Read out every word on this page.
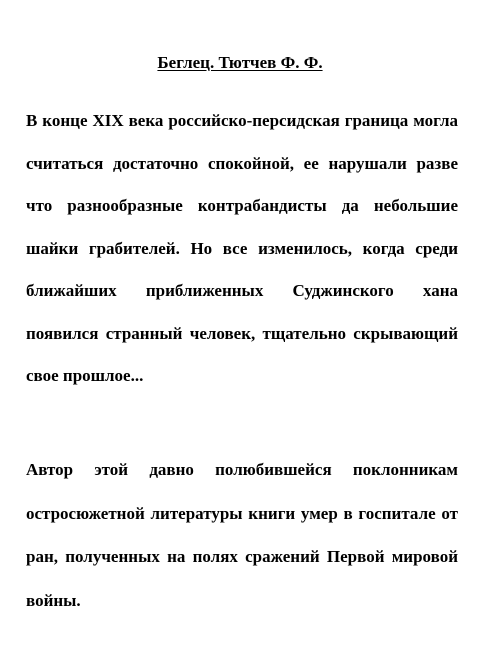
Беглец. Тютчев Ф. Ф.
В конце XIX века российско-персидская граница могла считаться достаточно спокойной, ее нарушали разве что разнообразные контрабандисты да небольшие шайки грабителей. Но все изменилось, когда среди ближайших приближенных Суджинского хана появился странный человек, тщательно скрывающий свое прошлое...
Автор этой давно полюбившейся поклонникам остросюжетной литературы книги умер в госпитале от ран, полученных на полях сражений Первой мировой войны.
